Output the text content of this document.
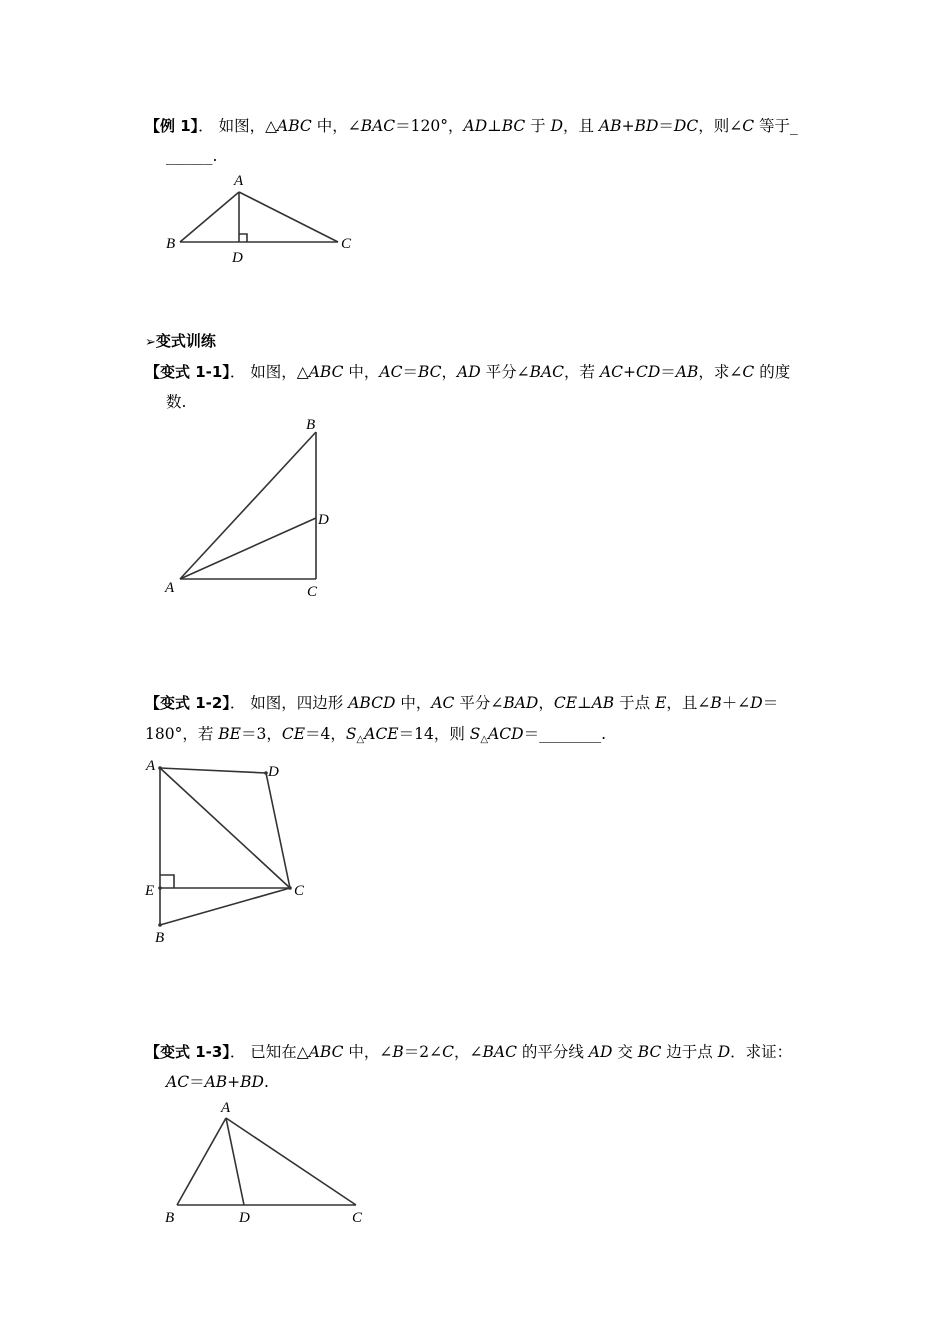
【例 1】． 如图，△ABC 中，∠BAC＝120°，AD⊥BC 于 D，且 AB+BD＝DC，则∠C 等于_
______.
A
B	C
D
➢变式训练
【变式 1-1】． 如图，△ABC 中，AC＝BC，AD 平分∠BAC，若 AC+CD＝AB，求∠C 的度
数.
B
D
A	C
【变式 1-2】． 如图，四边形 ABCD 中，AC 平分∠BAD，CE⊥AB 于点 E，且∠B＋∠D＝
180°，若 BE＝3，CE＝4，$S_\triangle ACE=14$，则 $S_\triangle ACD=\_\_\_\_\_\_\_\_$.
A	D
C
E
B
【变式 1-3】． 已知在△ABC 中，∠B＝2∠C，∠BAC 的平分线 AD 交 BC 边于点 D．求证：
AC＝AB+BD.
A
B	D	C
